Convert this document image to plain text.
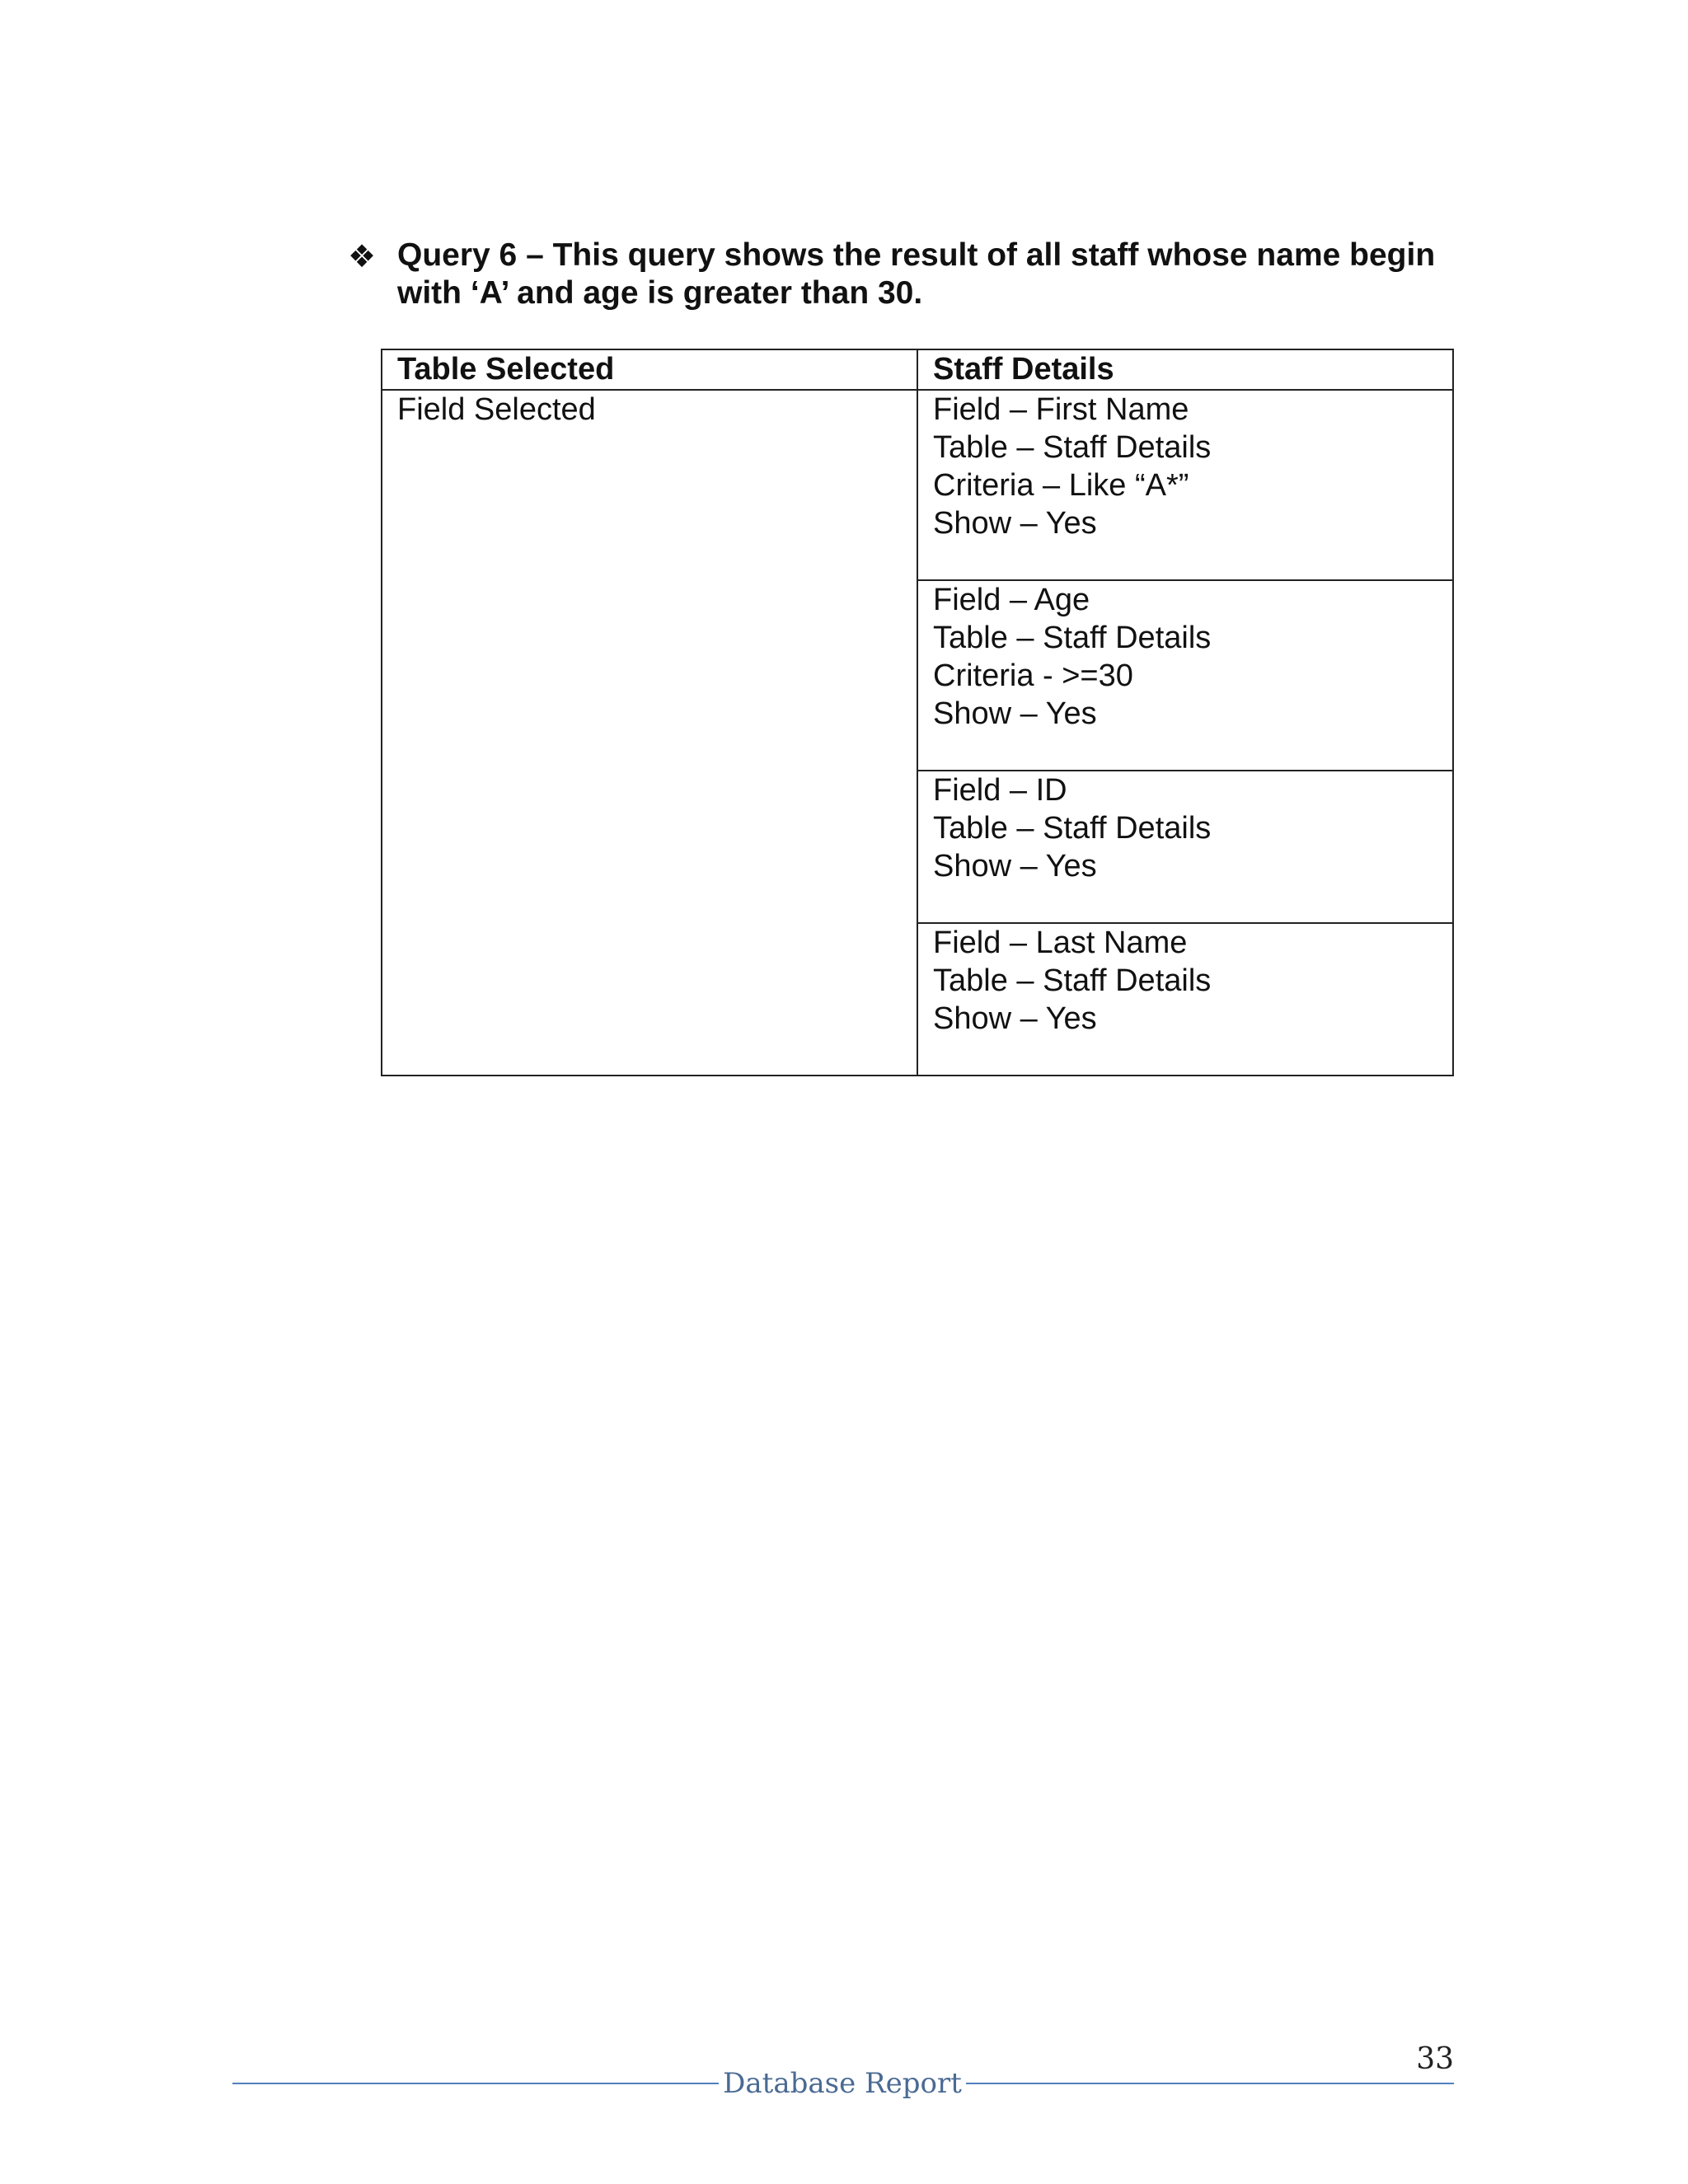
❖ Query 6 – This query shows the result of all staff whose name begin with ‘A’ and age is greater than 30.
Table Selected	Staff Details
Field Selected	Field – First Name
Table – Staff Details
Criteria – Like “A*”
Show – Yes

	Field – Age
Table – Staff Details
Criteria - >=30
Show – Yes

	Field – ID
Table – Staff Details
Show – Yes

	Field – Last Name
Table – Staff Details
Show – Yes
33
Database Report
